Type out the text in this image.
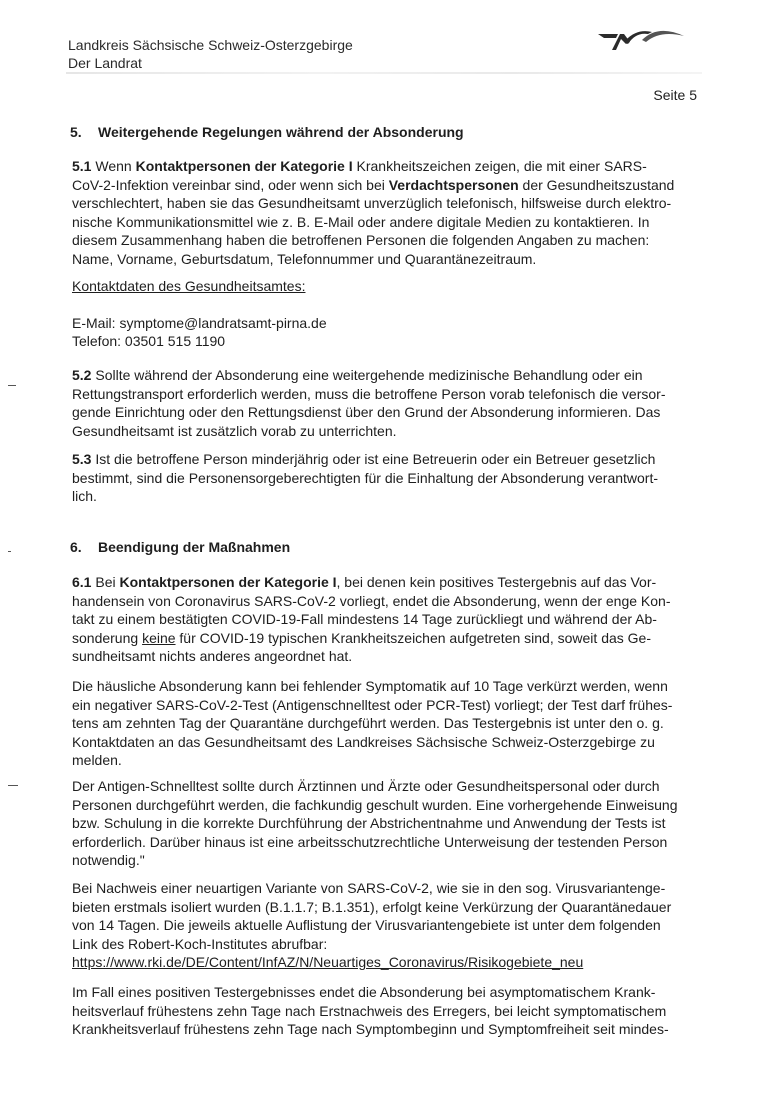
Landkreis Sächsische Schweiz-Osterzgebirge
Der Landrat
Seite 5
5. Weitergehende Regelungen während der Absonderung
5.1 Wenn Kontaktpersonen der Kategorie I Krankheitszeichen zeigen, die mit einer SARS-
CoV-2-Infektion vereinbar sind, oder wenn sich bei Verdachtspersonen der Gesundheitszustand
verschlechtert, haben sie das Gesundheitsamt unverzüglich telefonisch, hilfsweise durch elektro-
nische Kommunikationsmittel wie z. B. E-Mail oder andere digitale Medien zu kontaktieren. In
diesem Zusammenhang haben die betroffenen Personen die folgenden Angaben zu machen:
Name, Vorname, Geburtsdatum, Telefonnummer und Quarantänezeitraum.
Kontaktdaten des Gesundheitsamtes:
E-Mail: symptome@landratsamt-pirna.de
Telefon: 03501 515 1190
5.2 Sollte während der Absonderung eine weitergehende medizinische Behandlung oder ein
Rettungstransport erforderlich werden, muss die betroffene Person vorab telefonisch die versor-
gende Einrichtung oder den Rettungsdienst über den Grund der Absonderung informieren. Das
Gesundheitsamt ist zusätzlich vorab zu unterrichten.
5.3 Ist die betroffene Person minderjährig oder ist eine Betreuerin oder ein Betreuer gesetzlich
bestimmt, sind die Personensorgeberechtigten für die Einhaltung der Absonderung verantwort-
lich.
6. Beendigung der Maßnahmen
6.1 Bei Kontaktpersonen der Kategorie I, bei denen kein positives Testergebnis auf das Vor-
handensein von Coronavirus SARS-CoV-2 vorliegt, endet die Absonderung, wenn der enge Kon-
takt zu einem bestätigten COVID-19-Fall mindestens 14 Tage zurückliegt und während der Ab-
sonderung keine für COVID-19 typischen Krankheitszeichen aufgetreten sind, soweit das Ge-
sundheitsamt nichts anderes angeordnet hat.
Die häusliche Absonderung kann bei fehlender Symptomatik auf 10 Tage verkürzt werden, wenn
ein negativer SARS-CoV-2-Test (Antigenschnelltest oder PCR-Test) vorliegt; der Test darf frühes-
tens am zehnten Tag der Quarantäne durchgeführt werden. Das Testergebnis ist unter den o. g.
Kontaktdaten an das Gesundheitsamt des Landkreises Sächsische Schweiz-Osterzgebirge zu
melden.
Der Antigen-Schnelltest sollte durch Ärztinnen und Ärzte oder Gesundheitspersonal oder durch
Personen durchgeführt werden, die fachkundig geschult wurden. Eine vorhergehende Einweisung
bzw. Schulung in die korrekte Durchführung der Abstrichentnahme und Anwendung der Tests ist
erforderlich. Darüber hinaus ist eine arbeitsschutzrechtliche Unterweisung der testenden Person
notwendig."
Bei Nachweis einer neuartigen Variante von SARS-CoV-2, wie sie in den sog. Virusvariantenge-
bieten erstmals isoliert wurden (B.1.1.7; B.1.351), erfolgt keine Verkürzung der Quarantänedauer
von 14 Tagen. Die jeweils aktuelle Auflistung der Virusvariantengebiete ist unter dem folgenden
Link des Robert-Koch-Institutes abrufbar:
https://www.rki.de/DE/Content/InfAZ/N/Neuartiges_Coronavirus/Risikogebiete_neu
Im Fall eines positiven Testergebnisses endet die Absonderung bei asymptomatischem Krank-
heitsverlauf frühestens zehn Tage nach Erstnachweis des Erregers, bei leicht symptomatischem
Krankheitsverlauf frühestens zehn Tage nach Symptombeginn und Symptomfreiheit seit mindes-
